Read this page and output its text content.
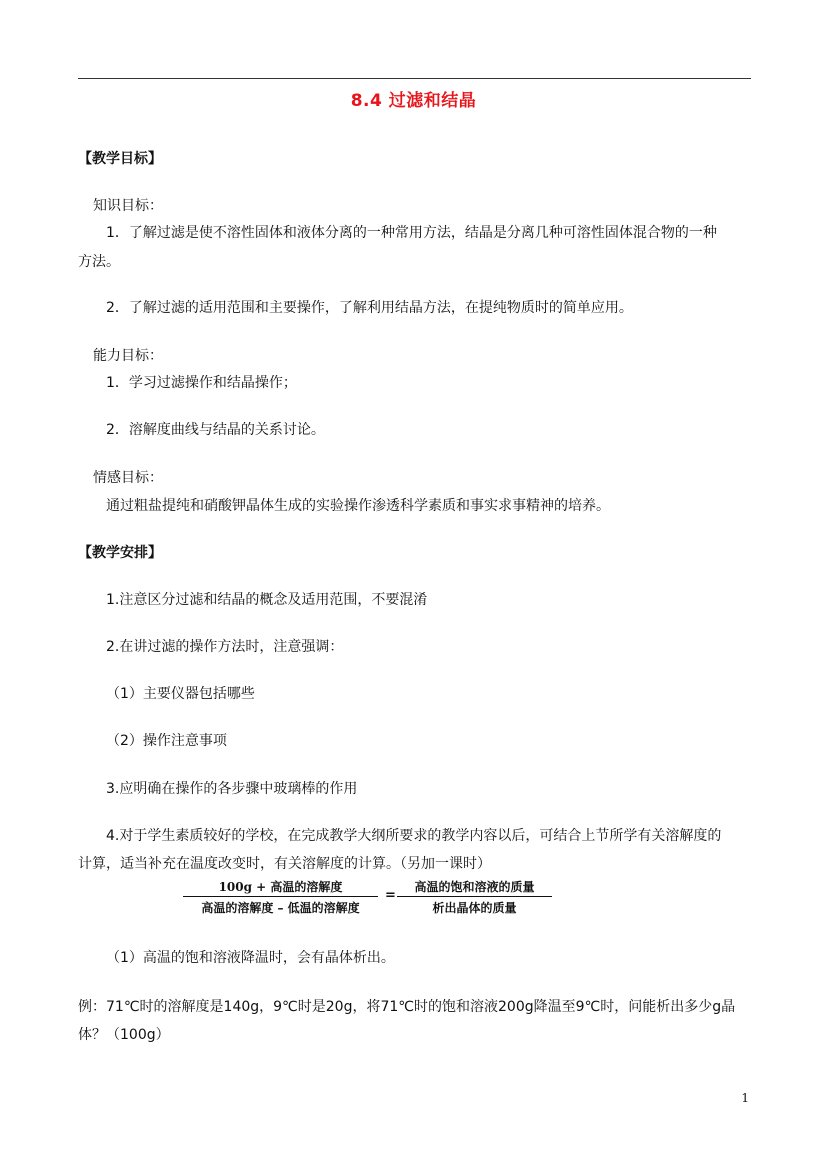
8.4 过滤和结晶
【教学目标】
知识目标：
1．了解过滤是使不溶性固体和液体分离的一种常用方法，结晶是分离几种可溶性固体混合物的一种
方法。
2．了解过滤的适用范围和主要操作，了解利用结晶方法，在提纯物质时的简单应用。
能力目标：
1．学习过滤操作和结晶操作；
2．溶解度曲线与结晶的关系讨论。
情感目标：
通过粗盐提纯和硝酸钾晶体生成的实验操作渗透科学素质和事实求事精神的培养。
【教学安排】
1.注意区分过滤和结晶的概念及适用范围，不要混淆
2.在讲过滤的操作方法时，注意强调：
（1）主要仪器包括哪些
（2）操作注意事项
3.应明确在操作的各步骤中玻璃棒的作用
4.对于学生素质较好的学校，在完成教学大纲所要求的教学内容以后，可结合上节所学有关溶解度的
计算，适当补充在温度改变时，有关溶解度的计算。（另加一课时）
100g + 高温的溶解度
高温的溶解度 – 低温的溶解度
=
高温的饱和溶液的质量
析出晶体的质量
（1）高温的饱和溶液降温时，会有晶体析出。
例：71℃时的溶解度是140g，9℃时是20g，将71℃时的饱和溶液200g降温至9℃时，问能析出多少g晶
体？（100g）
1
